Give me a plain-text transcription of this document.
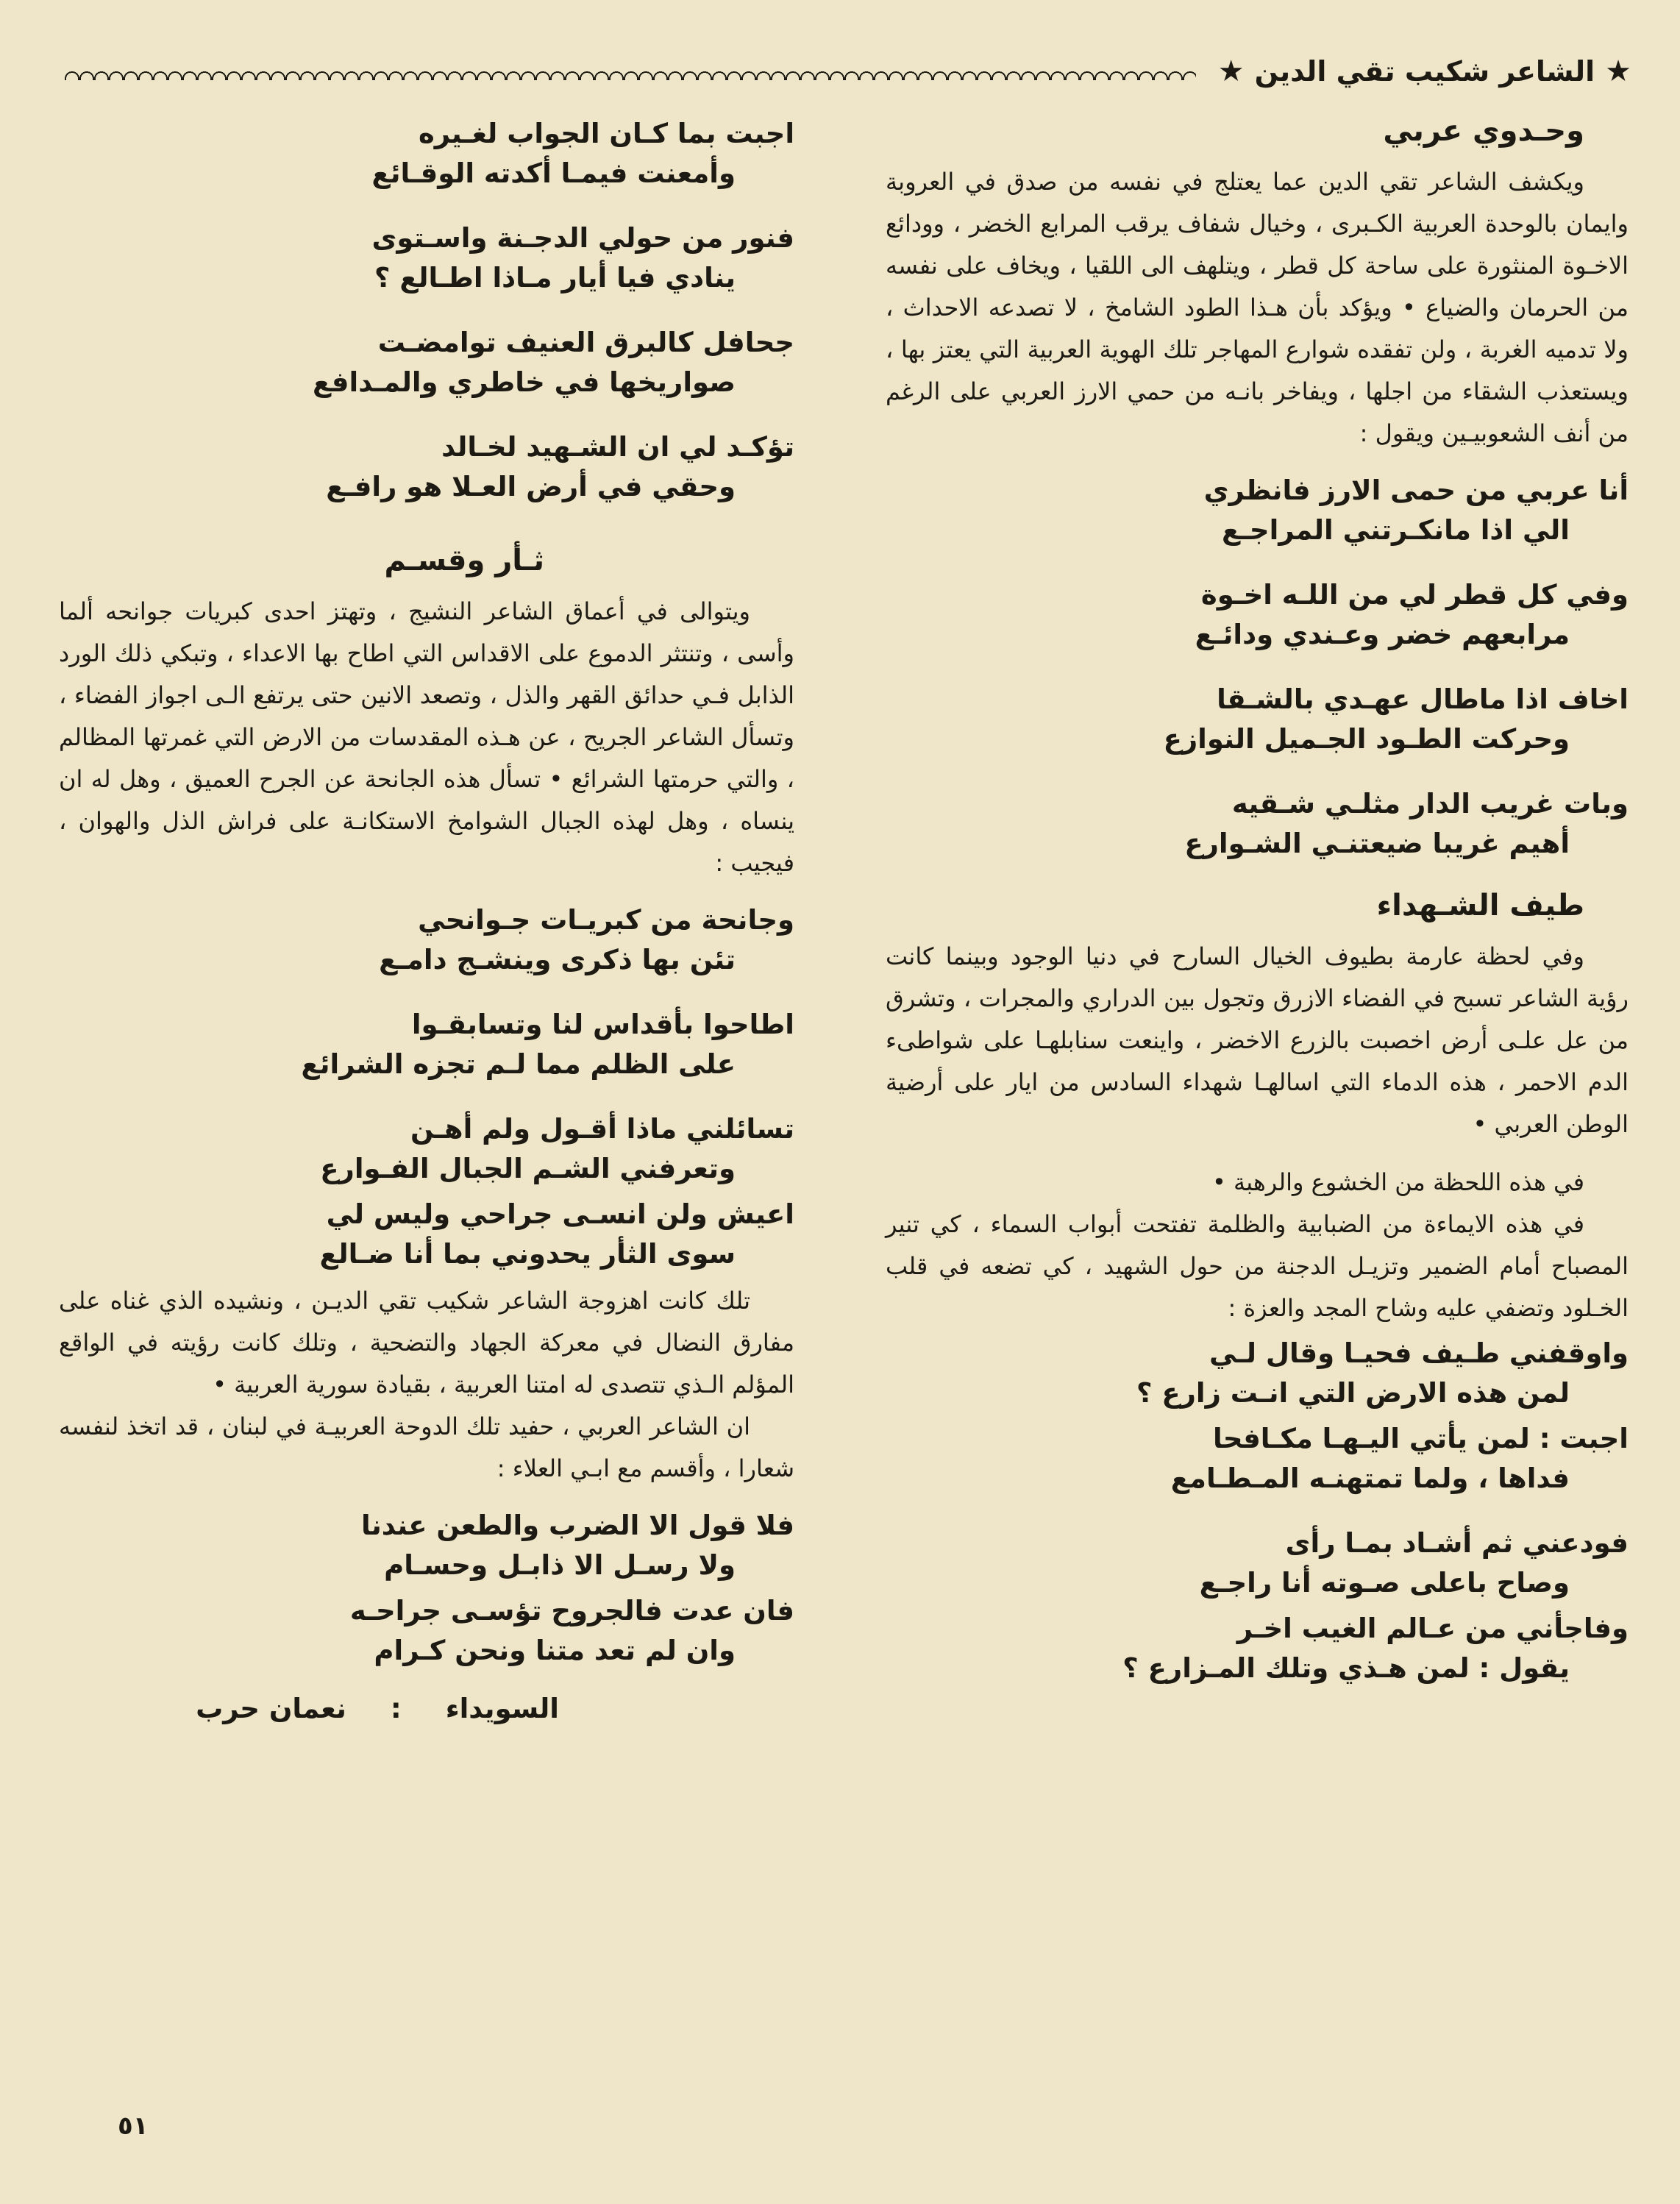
★
الشاعر شكيب تقي الدين
★
وحـدوي عربي

ويكشف الشاعر تقي الدين عما يعتلج في نفسه من صدق في العروبة وايمان بالوحدة العربية الكـبرى ، وخيال شفاف يرقب المرابع الخضر ، وودائع الاخـوة المنثورة على ساحة كل قطر ، ويتلهف الى اللقيا ، ويخاف على نفسه من الحرمان والضياع • ويؤكد بأن هـذا الطود الشامخ ، لا تصدعه الاحداث ، ولا تدميه الغربة ، ولن تفقده شوارع المهاجر تلك الهوية العربية التي يعتز بها ، ويستعذب الشقاء من اجلها ، ويفاخر بانـه من حمي الارز العربي على الرغم من أنف الشعوبيـين ويقول :

أنا عربي من حمى الارز فانظري
الي اذا مانكـرتني المراجـع
وفي كل قطر لي من اللـه اخـوة
مرابعهم خضر وعـندي ودائـع
اخاف اذا ماطال عهـدي بالشـقا
وحركت الطـود الجـميل النوازع
وبات غريب الدار مثلـي شـقيه
أهيم غريبا ضيعتنـي الشـوارع
طيف الشـهداء

وفي لحظة عارمة بطيوف الخيال السارح في دنيا الوجود وبينما كانت رؤية الشاعر تسبح في الفضاء الازرق وتجول بين الدراري والمجرات ، وتشرق من عل علـى أرض اخصبت بالزرع الاخضر ، واينعت سنابلهـا على شواطىء الدم الاحمر ، هذه الدماء التي اسالهـا شهداء السادس من ايار على أرضية الوطن العربي •

في هذه اللحظة من الخشوع والرهبة •

في هذه الايماءة من الضبابية والظلمة تفتحت أبواب السماء ، كي تنير المصباح أمام الضمير وتزيـل الدجنة من حول الشهيد ، كي تضعه في قلب الخـلود وتضفي عليه وشاح المجد والعزة :

واوقفني طـيف فحيـا وقال لـي
لمن هذه الارض التي انـت زارع ؟
اجبت : لمن يأتي اليـهـا مكـافحا
فداها ، ولما تمتهنـه المـطـامع
فودعني ثم أشـاد بمـا رأى
وصاح باعلى صـوته أنا راجـع
وفاجأني من عـالم الغيب اخـر
يقول : لمن هـذي وتلك المـزارع ؟
اجبت بما كـان الجواب لغـيره
وأمعنت فيمـا أكدته الوقـائع
فنور من حولي الدجـنة واسـتوى
ينادي فيا أيار مـاذا اطـالع ؟
جحافل كالبرق العنيف توامضـت
صواريخها في خاطري والمـدافع
تؤكـد لي ان الشـهيد لخـالد
وحقي في أرض العـلا هو رافـع
ثـأر وقسـم

ويتوالى في أعماق الشاعر النشيج ، وتهتز احدى كبريات جوانحه ألما وأسى ، وتنتثر الدموع على الاقداس التي اطاح بها الاعداء ، وتبكي ذلك الورد الذابل فـي حدائق القهر والذل ، وتصعد الانين حتى يرتفع الـى اجواز الفضاء ، وتسأل الشاعر الجريح ، عن هـذه المقدسات من الارض التي غمرتها المظالم ، والتي حرمتها الشرائع • تسأل هذه الجانحة عن الجرح العميق ، وهل له ان ينساه ، وهل لهذه الجبال الشوامخ الاستكانـة على فراش الذل والهوان ، فيجيب :

وجانحة من كبريـات جـوانحي
تئن بها ذكرى وينشـج دامـع
اطاحوا بأقداس لنا وتسابقـوا
على الظلم مما لـم تجزه الشرائع
تسائلني ماذا أقـول ولم أهـن
وتعرفني الشـم الجبال الفـوارع
اعيش ولن انسـى جراحي وليس لي
سوى الثأر يحدوني بما أنا ضـالع

تلك كانت اهزوجة الشاعر شكيب تقي الديـن ، ونشيده الذي غناه على مفارق النضال في معركة الجهاد والتضحية ، وتلك كانت رؤيته في الواقع المؤلم الـذي تتصدى له امتنا العربية ، بقيادة سورية العربية •

ان الشاعر العربي ، حفيد تلك الدوحة العربيـة في لبنان ، قد اتخذ لنفسه شعارا ، وأقسم مع ابـي العلاء :

فلا قول الا الضرب والطعن عندنا
ولا رسـل الا ذابـل وحسـام
فان عدت فالجروح تؤسـى جراحـه
وان لم تعد متنا ونحن كـرام
السويداء
:
نعمان حرب
٥١
